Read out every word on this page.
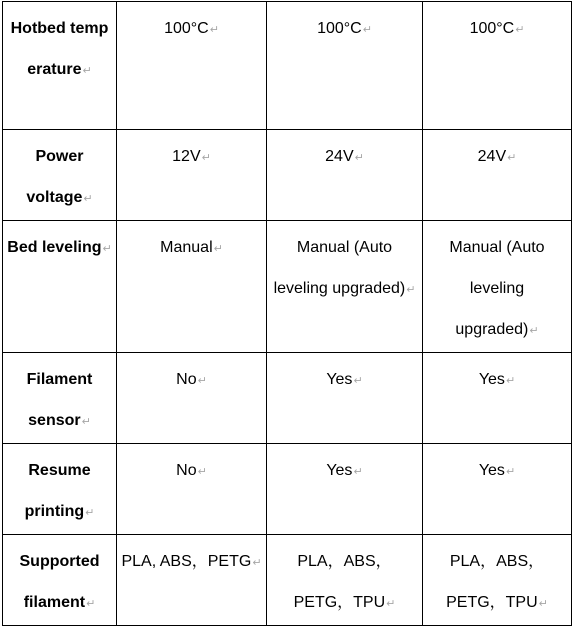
Hotbed temperature↵	100°C↵	100°C↵	100°C↵
Power voltage↵	12V↵	24V↵	24V↵
Bed leveling↵	Manual↵	Manual (Auto leveling upgraded)↵	Manual (Auto leveling upgraded)↵
Filament sensor↵	No↵	Yes↵	Yes↵
Resume printing↵	No↵	Yes↵	Yes↵
Supported filament↵	PLA, ABS，PETG↵	PLA，ABS，PETG，TPU↵	PLA，ABS，PETG，TPU↵
